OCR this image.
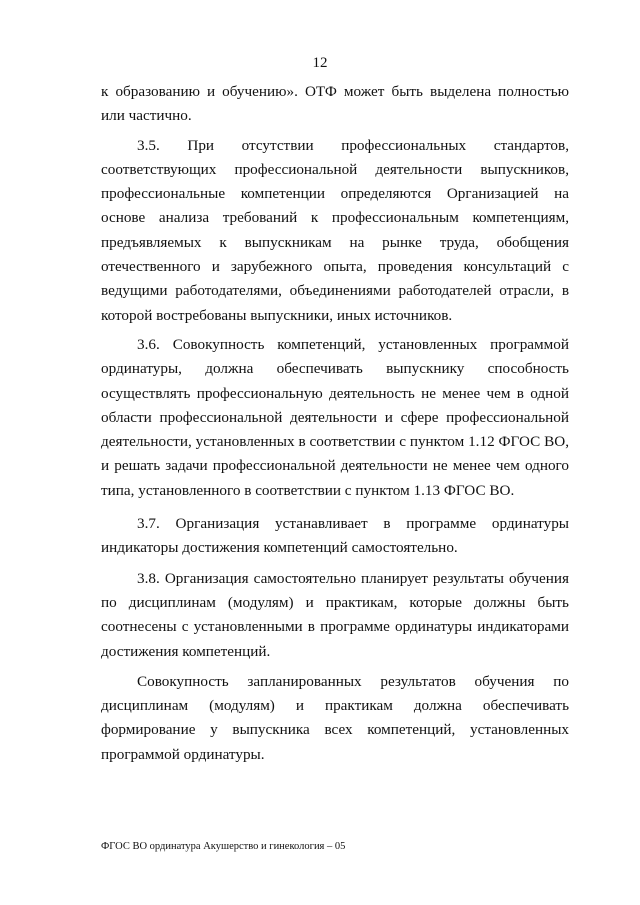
12

к образованию и обучению». ОТФ может быть выделена полностью или частично.

3.5. При отсутствии профессиональных стандартов, соответствующих профессиональной деятельности выпускников, профессиональные компетенции определяются Организацией на основе анализа требований к профессиональным компетенциям, предъявляемых к выпускникам на рынке труда, обобщения отечественного и зарубежного опыта, проведения консультаций с ведущими работодателями, объединениями работодателей отрасли, в которой востребованы выпускники, иных источников.

3.6. Совокупность компетенций, установленных программой ординатуры, должна обеспечивать выпускнику способность осуществлять профессиональную деятельность не менее чем в одной области профессиональной деятельности и сфере профессиональной деятельности, установленных в соответствии с пунктом 1.12 ФГОС ВО, и решать задачи профессиональной деятельности не менее чем одного типа, установленного в соответствии с пунктом 1.13 ФГОС ВО.

3.7. Организация устанавливает в программе ординатуры индикаторы достижения компетенций самостоятельно.

3.8. Организация самостоятельно планирует результаты обучения по дисциплинам (модулям) и практикам, которые должны быть соотнесены с установленными в программе ординатуры индикаторами достижения компетенций.

Совокупность запланированных результатов обучения по дисциплинам (модулям) и практикам должна обеспечивать формирование у выпускника всех компетенций, установленных программой ординатуры.

ФГОС ВО ординатура Акушерство и гинекология – 05
